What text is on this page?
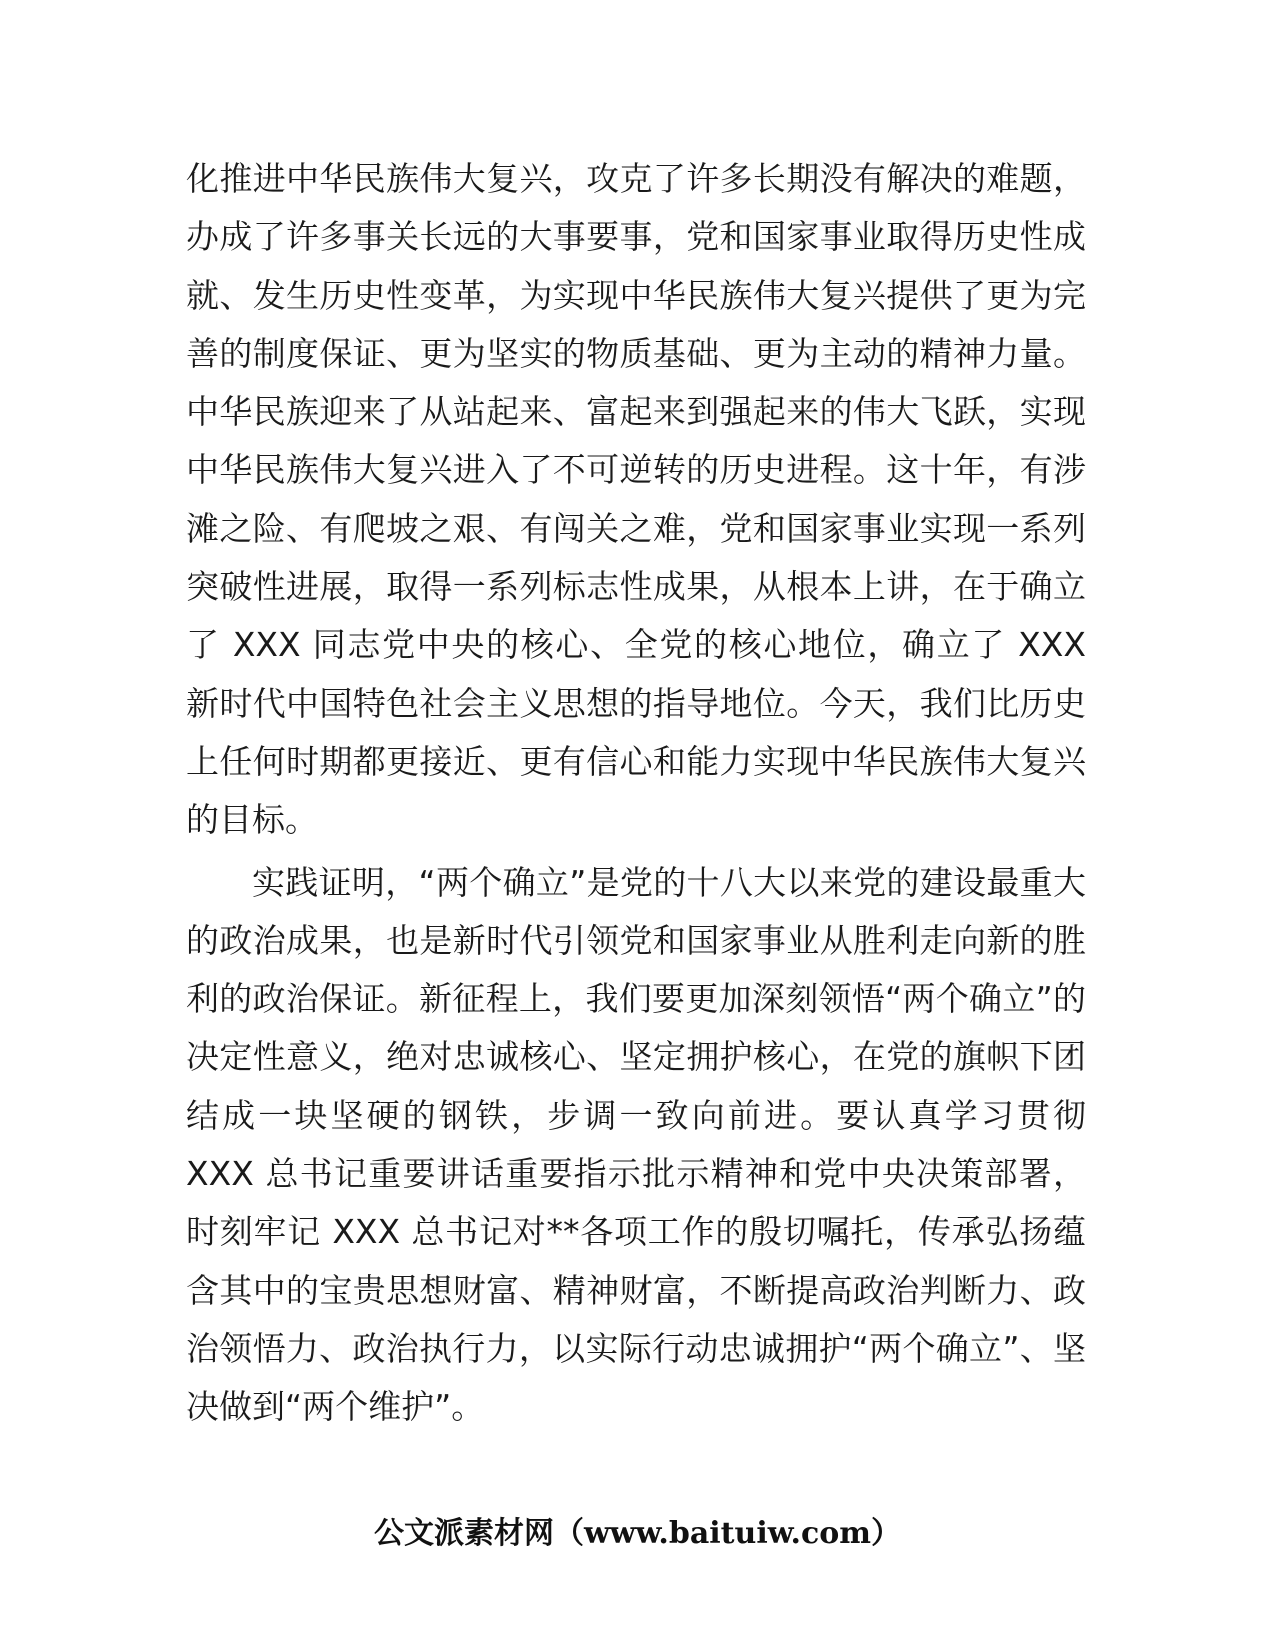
化推进中华民族伟大复兴，攻克了许多长期没有解决的难题，办成了许多事关长远的大事要事，党和国家事业取得历史性成就、发生历史性变革，为实现中华民族伟大复兴提供了更为完善的制度保证、更为坚实的物质基础、更为主动的精神力量。中华民族迎来了从站起来、富起来到强起来的伟大飞跃，实现中华民族伟大复兴进入了不可逆转的历史进程。这十年，有涉滩之险、有爬坡之艰、有闯关之难，党和国家事业实现一系列突破性进展，取得一系列标志性成果，从根本上讲，在于确立了 XXX 同志党中央的核心、全党的核心地位，确立了 XXX 新时代中国特色社会主义思想的指导地位。今天，我们比历史上任何时期都更接近、更有信心和能力实现中华民族伟大复兴的目标。

实践证明，“两个确立”是党的十八大以来党的建设最重大的政治成果，也是新时代引领党和国家事业从胜利走向新的胜利的政治保证。新征程上，我们要更加深刻领悟“两个确立”的决定性意义，绝对忠诚核心、坚定拥护核心，在党的旗帜下团结成一块坚硬的钢铁，步调一致向前进。要认真学习贯彻 XXX 总书记重要讲话重要指示批示精神和党中央决策部署，时刻牢记 XXX 总书记对**各项工作的殷切嘱托，传承弘扬蕴含其中的宝贵思想财富、精神财富，不断提高政治判断力、政治领悟力、政治执行力，以实际行动忠诚拥护“两个确立”、坚决做到“两个维护”。

公文派素材网（www.baituiw.com）
